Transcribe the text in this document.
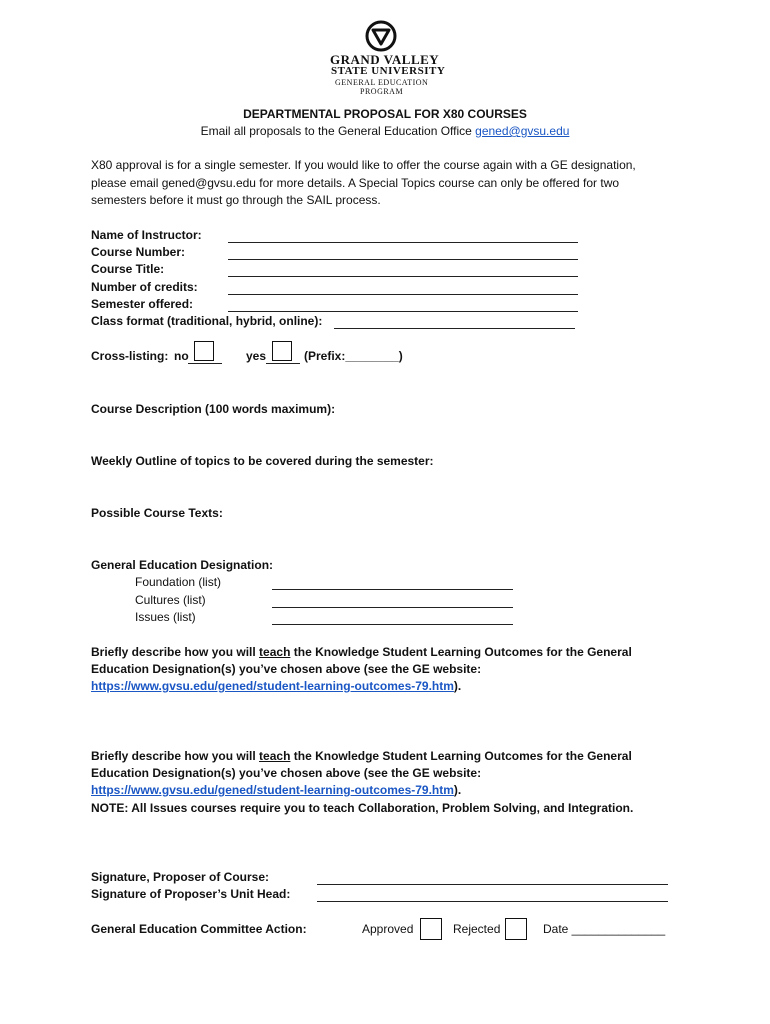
GRAND VALLEY
STATE UNIVERSITY
GENERAL EDUCATION
PROGRAM
DEPARTMENTAL PROPOSAL FOR X80 COURSES
Email all proposals to the General Education Office gened@gvsu.edu
X80 approval is for a single semester. If you would like to offer the course again with a GE designation,
please email gened@gvsu.edu for more details. A Special Topics course can only be offered for two
semesters before it must go through the SAIL process.
Name of Instructor:
Course Number:
Course Title:
Number of credits:
Semester offered:
Class format (traditional, hybrid, online):
Cross-listing: no	yes	(Prefix:________)
Course Description (100 words maximum):
Weekly Outline of topics to be covered during the semester:
Possible Course Texts:
General Education Designation:
Foundation (list)
Cultures (list)
Issues (list)
Briefly describe how you will teach the Knowledge Student Learning Outcomes for the General
Education Designation(s) you’ve chosen above (see the GE website:
https://www.gvsu.edu/gened/student-learning-outcomes-79.htm).
Briefly describe how you will teach the Knowledge Student Learning Outcomes for the General
Education Designation(s) you’ve chosen above (see the GE website:
https://www.gvsu.edu/gened/student-learning-outcomes-79.htm).
NOTE: All Issues courses require you to teach Collaboration, Problem Solving, and Integration.
Signature, Proposer of Course:
Signature of Proposer’s Unit Head:
General Education Committee Action:	Approved	Rejected	Date ______________
